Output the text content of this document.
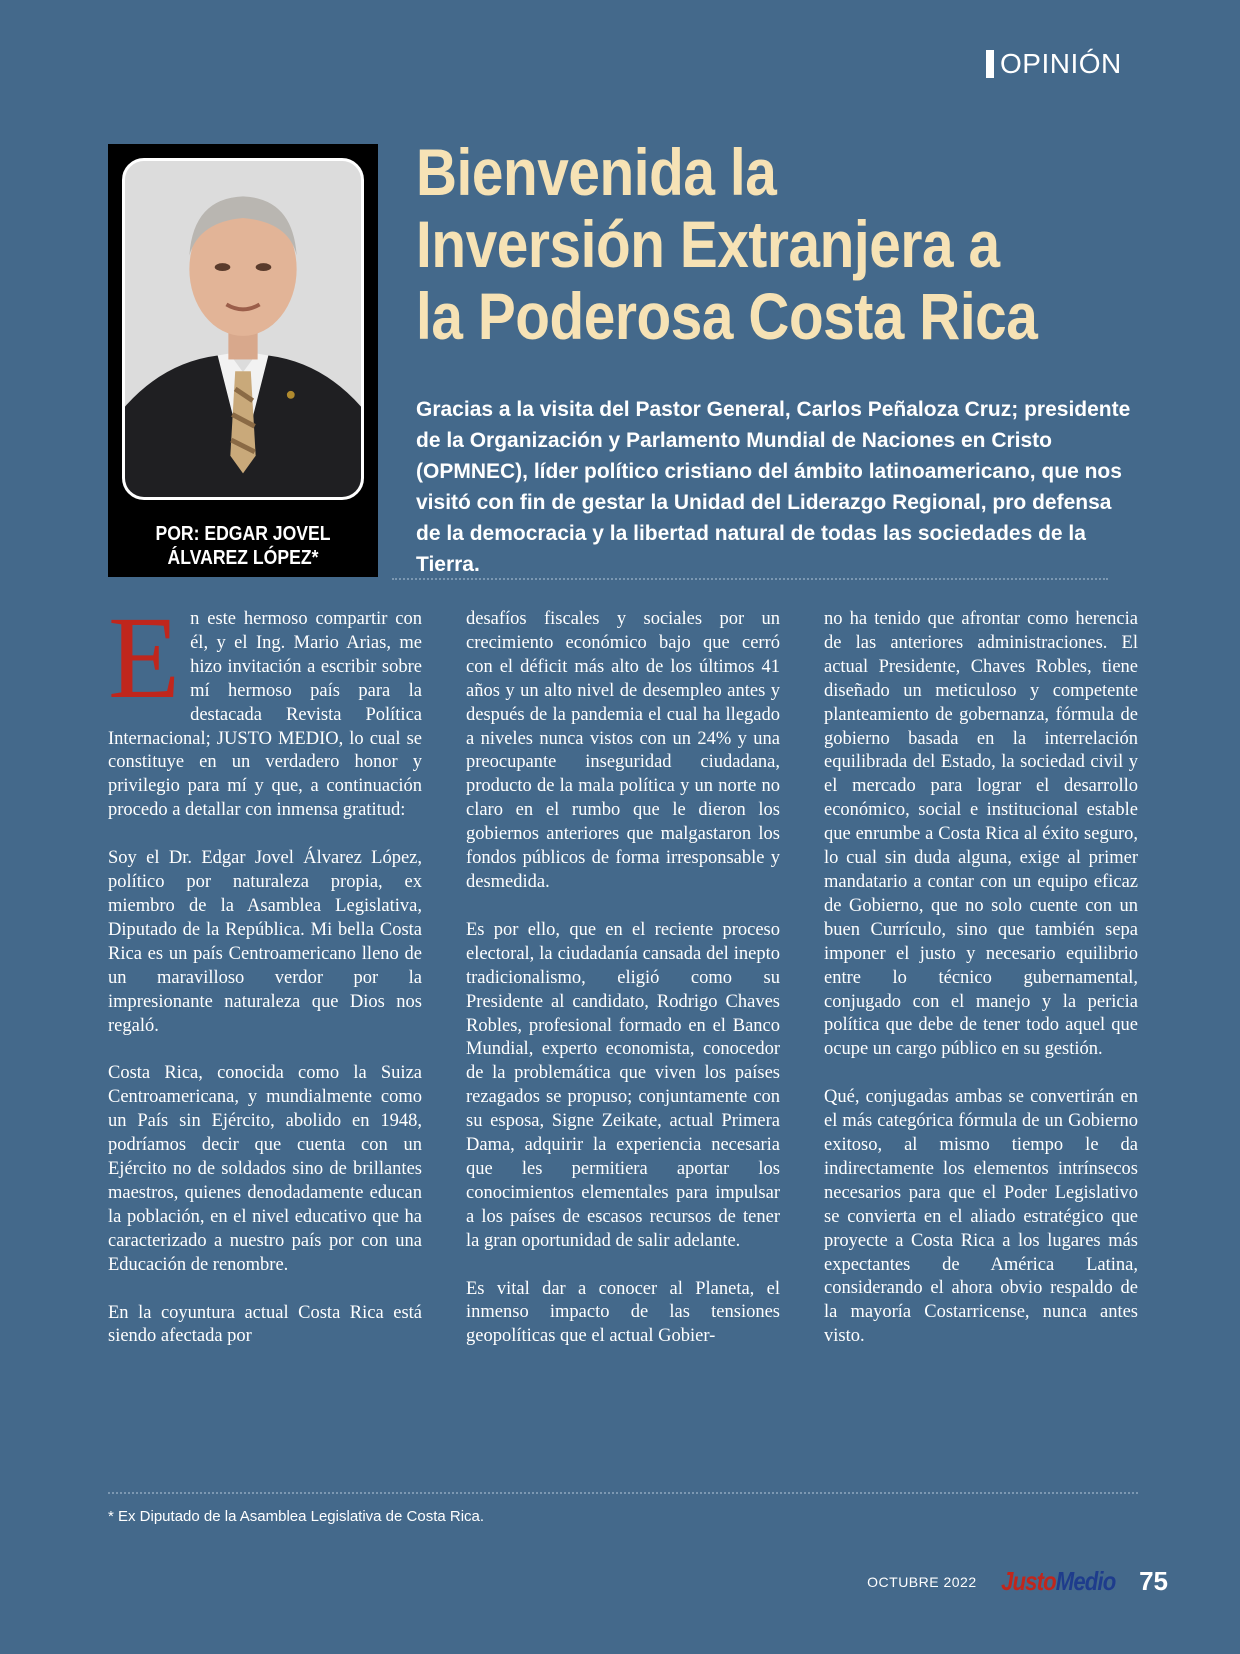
OPINIÓN
POR: EDGAR JOVEL
ÁLVAREZ LÓPEZ*
Bienvenida la
Inversión Extranjera a
la Poderosa Costa Rica

Gracias a la visita del Pastor General, Carlos Peñaloza Cruz; presidente de la Organización y Parlamento Mundial de Naciones en Cristo (OPMNEC), líder político cristiano del ámbito latinoamericano, que nos visitó con fin de gestar la Unidad del Liderazgo Regional, pro defensa de la democracia y la libertad natural de todas las sociedades de la Tierra.

En este hermoso compartir con él, y el Ing. Mario Arias, me hizo invitación a escribir sobre mí hermoso país para la destacada Revista Política Internacional; JUSTO MEDIO, lo cual se constituye en un verdadero honor y privilegio para mí y que, a continuación procedo a detallar con inmensa gratitud:

Soy el Dr. Edgar Jovel Álvarez López, político por naturaleza propia, ex miembro de la Asamblea Legislativa, Diputado de la República. Mi bella Costa Rica es un país Centroamericano lleno de un maravilloso verdor por la impresionante naturaleza que Dios nos regaló.

Costa Rica, conocida como la Suiza Centroamericana, y mundialmente como un País sin Ejército, abolido en 1948, podríamos decir que cuenta con un Ejército no de soldados sino de brillantes maestros, quienes denodadamente educan la población, en el nivel educativo que ha caracterizado a nuestro país por con una Educación de renombre.

En la coyuntura actual Costa Rica está siendo afectada por

desafíos fiscales y sociales por un crecimiento económico bajo que cerró con el déficit más alto de los últimos 41 años y un alto nivel de desempleo antes y después de la pandemia el cual ha llegado a niveles nunca vistos con un 24% y una preocupante inseguridad ciudadana, producto de la mala política y un norte no claro en el rumbo que le dieron los gobiernos anteriores que malgastaron los fondos públicos de forma irresponsable y desmedida.

Es por ello, que en el reciente proceso electoral, la ciudadanía cansada del inepto tradicionalismo, eligió como su Presidente al candidato, Rodrigo Chaves Robles, profesional formado en el Banco Mundial, experto economista, conocedor de la problemática que viven los países rezagados se propuso; conjuntamente con su esposa, Signe Zeikate, actual Primera Dama, adquirir la experiencia necesaria que les permitiera aportar los conocimientos elementales para impulsar a los países de escasos recursos de tener la gran oportunidad de salir adelante.

Es vital dar a conocer al Planeta, el inmenso impacto de las tensiones geopolíticas que el actual Gobier-

no ha tenido que afrontar como herencia de las anteriores administraciones. El actual Presidente, Chaves Robles, tiene diseñado un meticuloso y competente planteamiento de gobernanza, fórmula de gobierno basada en la interrelación equilibrada del Estado, la sociedad civil y el mercado para lograr el desarrollo económico, social e institucional estable que enrumbe a Costa Rica al éxito seguro, lo cual sin duda alguna, exige al primer mandatario a contar con un equipo eficaz de Gobierno, que no solo cuente con un buen Currículo, sino que también sepa imponer el justo y necesario equilibrio entre lo técnico gubernamental, conjugado con el manejo y la pericia política que debe de tener todo aquel que ocupe un cargo público en su gestión.

Qué, conjugadas ambas se convertirán en el más categórica fórmula de un Gobierno exitoso, al mismo tiempo le da indirectamente los elementos intrínsecos necesarios para que el Poder Legislativo se convierta en el aliado estratégico que proyecte a Costa Rica a los lugares más expectantes de América Latina, considerando el ahora obvio respaldo de la mayoría Costarricense, nunca antes visto.

* Ex Diputado de la Asamblea Legislativa de Costa Rica.
OCTUBRE 2022 JustoMedio 75
